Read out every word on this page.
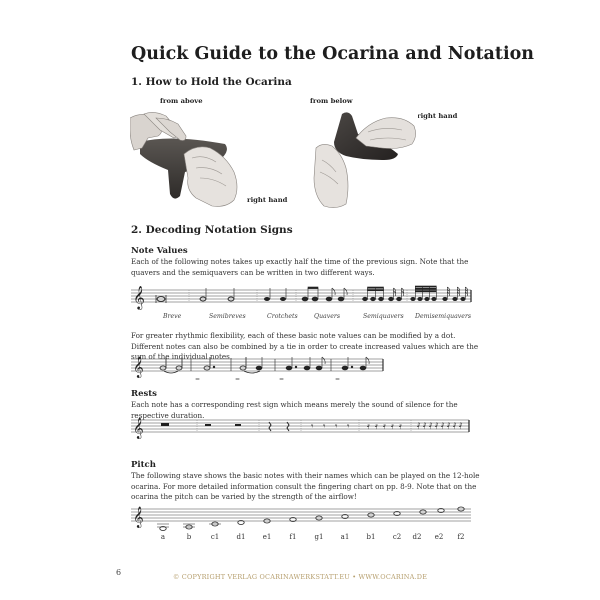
Quick Guide to the Ocarina and Notation
1. How to Hold the Ocarina
from above
left hand
right hand
from below
right hand
left hand
2. Decoding Notation Signs
Note Values
Each of the following notes takes up exactly half the time of the previous sign. Note that the quavers and the semiquavers can be written in two different ways.
𝄞
Breve	Semibreves	Crotchets	Quavers	Semiquavers Demisemiquavers
For greater rhythmic flexibility, each of these basic note values can be modified by a dot. Different notes can also be combined by a tie in order to create increased values which are the sum of the individual notes.
𝄞
=	=	=	=
Rests
Each note has a corresponding rest sign which means merely the sound of silence for the respective duration.
𝄞	𝄾 𝄾 𝄾 𝄾 𝄿 𝄿 𝄿 𝄿 𝄿 𝅀 𝅀 𝅀 𝅀 𝅀 𝅀 𝅀 𝅀
Pitch
The following stave shows the basic notes with their names which can be played on the 12-hole ocarina. For more detailed information consult the fingering chart on pp. 8-9. Note that on the ocarina the pitch can be varied by the strength of the airflow!
𝄞
a	b	c1 d1 e1	f1	g1 a1 b1 c2 d2 e2 f2
6	© COPYRIGHT VERLAG OCARINAWERKSTATT.EU • WWW.OCARINA.DE
